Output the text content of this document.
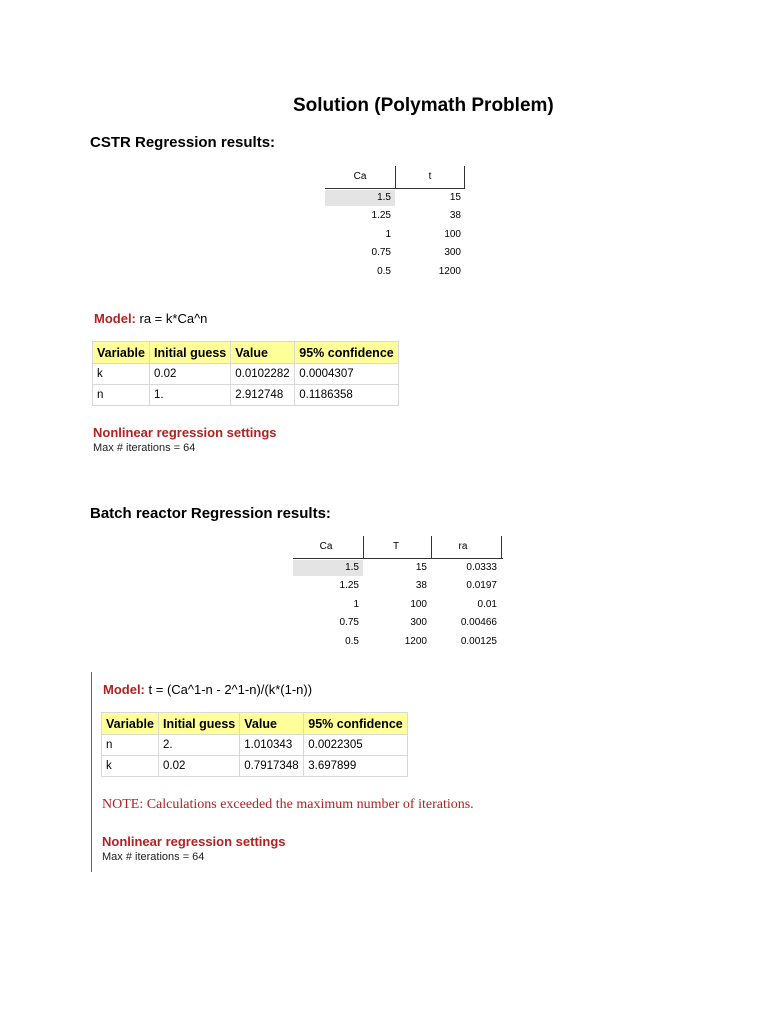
Solution (Polymath Problem)
CSTR Regression results:
Ca	t
1.5	15
1.25	38
1	100
0.75	300
0.5	1200
Model: ra = k*Ca^n
Variable	Initial guess	Value	95% confidence
k	0.02	0.0102282	0.0004307
n	1.	2.912748	0.1186358
Nonlinear regression settings
Max # iterations = 64
Batch reactor Regression results:
Ca	T	ra
1.5	15	0.0333
1.25	38	0.0197
1	100	0.01
0.75	300	0.00466
0.5	1200	0.00125
Model: t = (Ca^1-n - 2^1-n)/(k*(1-n))
Variable	Initial guess	Value	95% confidence
n	2.	1.010343	0.0022305
k	0.02	0.7917348	3.697899
NOTE: Calculations exceeded the maximum number of iterations.
Nonlinear regression settings
Max # iterations = 64
